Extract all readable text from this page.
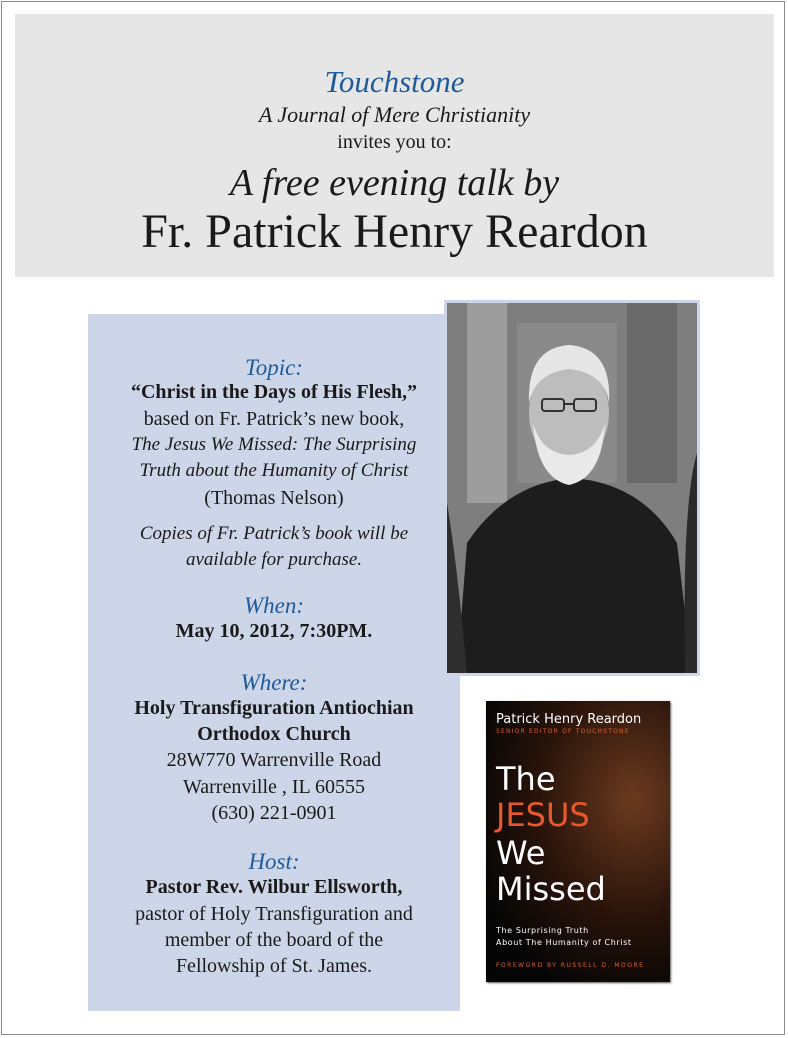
Touchstone
A Journal of Mere Christianity
invites you to:
A free evening talk by
Fr. Patrick Henry Reardon
Topic:
“Christ in the Days of His Flesh,”
based on Fr. Patrick’s new book,
The Jesus We Missed: The Surprising
Truth about the Humanity of Christ
(Thomas Nelson)
Copies of Fr. Patrick’s book will be
available for purchase.
When:
May 10, 2012, 7:30PM.
Where:
Holy Transfiguration Antiochian
Orthodox Church
28W770 Warrenville Road
Warrenville , IL 60555
(630) 221-0901
Host:
Pastor Rev. Wilbur Ellsworth,
pastor of Holy Transfiguration and
member of the board of the
Fellowship of St. James.
Patrick Henry Reardon
SENIOR EDITOR OF TOUCHSTONE
The
JESUS
We
Missed
The Surprising Truth
About The Humanity of Christ
FOREWORD BY RUSSELL D. MOORE
